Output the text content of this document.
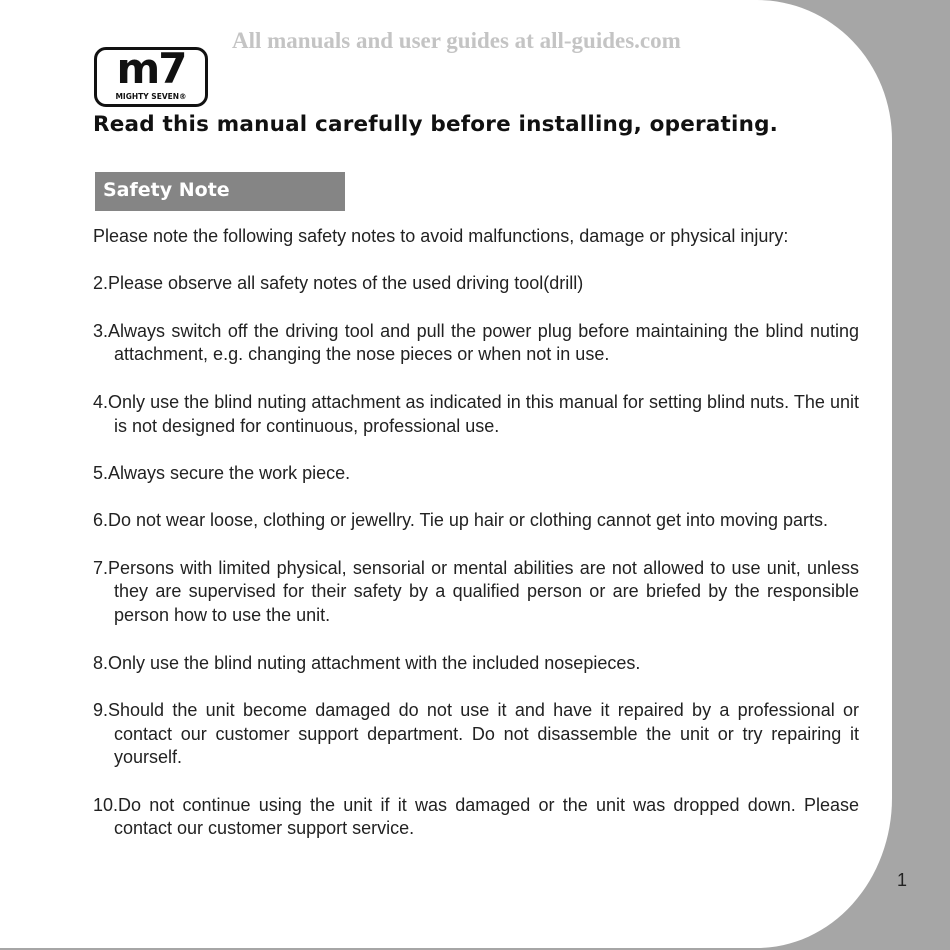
All manuals and user guides at all-guides.com
m7
MIGHTY SEVEN®
Read this manual carefully before installing, operating.
Safety Note

Please note the following safety notes to avoid malfunctions, damage or physical injury:

2.Please observe all safety notes of the used driving tool(drill)

3.Always switch off the driving tool and pull the power plug before maintaining the blind nuting attachment, e.g. changing the nose pieces or when not in use.

4.Only use the blind nuting attachment as indicated in this manual for setting blind nuts. The unit is not designed for continuous, professional use.

5.Always secure the work piece.

6.Do not wear loose, clothing or jewellry. Tie up hair or clothing cannot get into moving parts.

7.Persons with limited physical, sensorial or mental abilities are not allowed to use unit, unless they are supervised for their safety by a qualified person or are briefed by the responsible person how to use the unit.

8.Only use the blind nuting attachment with the included nosepieces.

9.Should the unit become damaged do not use it and have it repaired by a professional or contact our customer support department. Do not disassemble the unit or try repairing it yourself.

10.Do not continue using the unit if it was damaged or the unit was dropped down. Please contact our customer support service.

1
